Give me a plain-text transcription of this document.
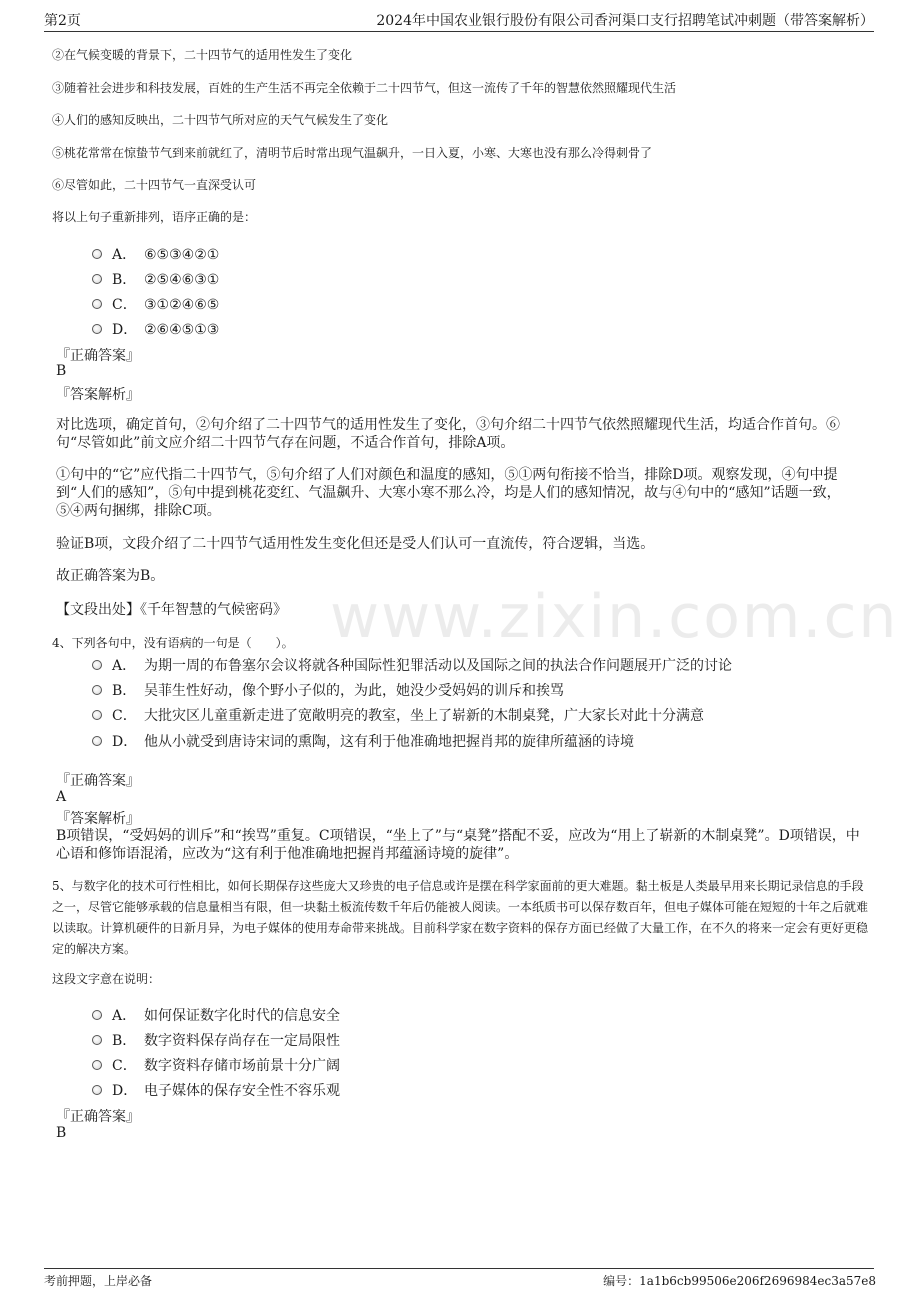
第2页	2024年中国农业银行股份有限公司香河渠口支行招聘笔试冲刺题（带答案解析）
www.zixin.com.cn
②在气候变暖的背景下，二十四节气的适用性发生了变化
③随着社会进步和科技发展，百姓的生产生活不再完全依赖于二十四节气，但这一流传了千年的智慧依然照耀现代生活
④人们的感知反映出，二十四节气所对应的天气气候发生了变化
⑤桃花常常在惊蛰节气到来前就红了，清明节后时常出现气温飙升，一日入夏，小寒、大寒也没有那么冷得刺骨了
⑥尽管如此，二十四节气一直深受认可
将以上句子重新排列，语序正确的是：
A． ⑥⑤③④②①
B． ②⑤④⑥③①
C． ③①②④⑥⑤
D． ②⑥④⑤①③
『正确答案』
B
『答案解析』
对比选项，确定首句，②句介绍了二十四节气的适用性发生了变化，③句介绍二十四节气依然照耀现代生活，均适合作首句。⑥句“尽管如此”前文应介绍二十四节气存在问题，不适合作首句，排除A项。
①句中的“它”应代指二十四节气，⑤句介绍了人们对颜色和温度的感知，⑤①两句衔接不恰当，排除D项。观察发现，④句中提到“人们的感知”，⑤句中提到桃花変红、气温飙升、大寒小寒不那么冷，均是人们的感知情况，故与④句中的“感知”话题一致，⑤④两句捆绑，排除C项。
验证B项，文段介绍了二十四节气适用性发生变化但还是受人们认可一直流传，符合逻辑，当选。
故正确答案为B。
【文段出处】《千年智慧的气候密码》
4、下列各句中，没有语病的一句是（　　）。
A． 为期一周的布鲁塞尔会议将就各种国际性犯罪活动以及国际之间的执法合作问题展开广泛的讨论
B． 吴菲生性好动，像个野小子似的，为此，她没少受妈妈的训斥和挨骂
C． 大批灾区儿童重新走进了宽敞明亮的教室，坐上了崭新的木制桌凳，广大家长对此十分满意
D． 他从小就受到唐诗宋词的熏陶，这有利于他准确地把握肖邦的旋律所蕴涵的诗境
『正确答案』
A
『答案解析』
B项错误，“受妈妈的训斥”和“挨骂”重复。C项错误，“坐上了”与“桌凳”搭配不妥，应改为“用上了崭新的木制桌凳”。D项错误，中心语和修饰语混淆，应改为“这有利于他准确地把握肖邦蕴涵诗境的旋律”。
5、与数字化的技术可行性相比，如何长期保存这些庞大又珍贵的电子信息或许是摆在科学家面前的更大难题。黏土板是人类最早用来长期记录信息的手段之一，尽管它能够承载的信息量相当有限，但一块黏土板流传数千年后仍能被人阅读。一本纸质书可以保存数百年，但电子媒体可能在短短的十年之后就难以读取。计算机硬件的日新月异，为电子媒体的使用寿命带来挑战。目前科学家在数字资料的保存方面已经做了大量工作，在不久的将来一定会有更好更稳定的解决方案。
这段文字意在说明：
A． 如何保证数字化时代的信息安全
B． 数字资料保存尚存在一定局限性
C． 数字资料存储市场前景十分广阔
D． 电子媒体的保存安全性不容乐观
『正确答案』
B
考前押题，上岸必备	编号：1a1b6cb99506e206f2696984ec3a57e8
